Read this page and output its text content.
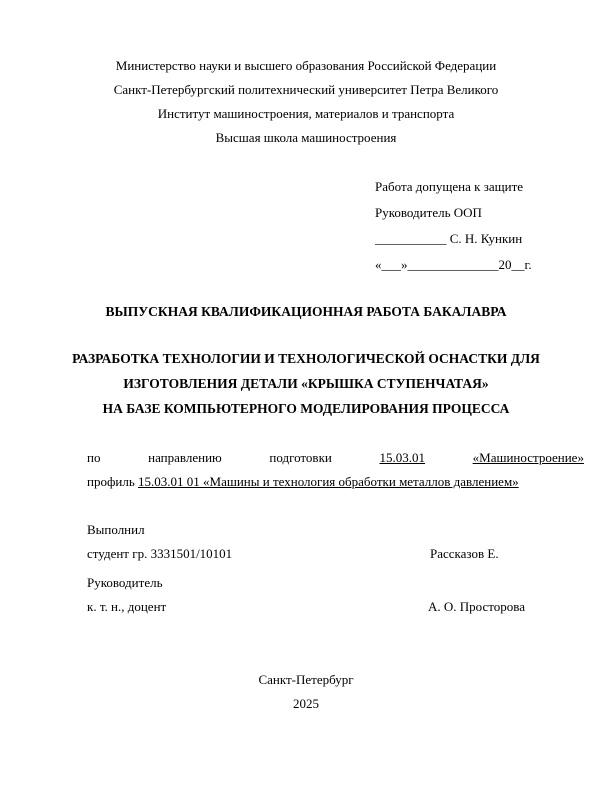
Министерство науки и высшего образования Российской Федерации
Санкт-Петербургский политехнический университет Петра Великого
Институт машиностроения, материалов и транспорта
Высшая школа машиностроения
Работа допущена к защите
Руководитель ООП
___________ С. Н. Кункин
«___»______________20__г.
ВЫПУСКНАЯ КВАЛИФИКАЦИОННАЯ РАБОТА БАКАЛАВРА
РАЗРАБОТКА ТЕХНОЛОГИИ И ТЕХНОЛОГИЧЕСКОЙ ОСНАСТКИ ДЛЯ
ИЗГОТОВЛЕНИЯ ДЕТАЛИ «КРЫШКА СТУПЕНЧАТАЯ»
НА БАЗЕ КОМПЬЮТЕРНОГО МОДЕЛИРОВАНИЯ ПРОЦЕССА
по	направлению	подготовки	15.03.01	«Машиностроение»
профиль 15.03.01 01 «Машины и технология обработки металлов давлением»
Выполнил
студент гр. 3331501/10101	Рассказов Е.
Руководитель
к. т. н., доцент	А. О. Просторова
Санкт-Петербург
2025
